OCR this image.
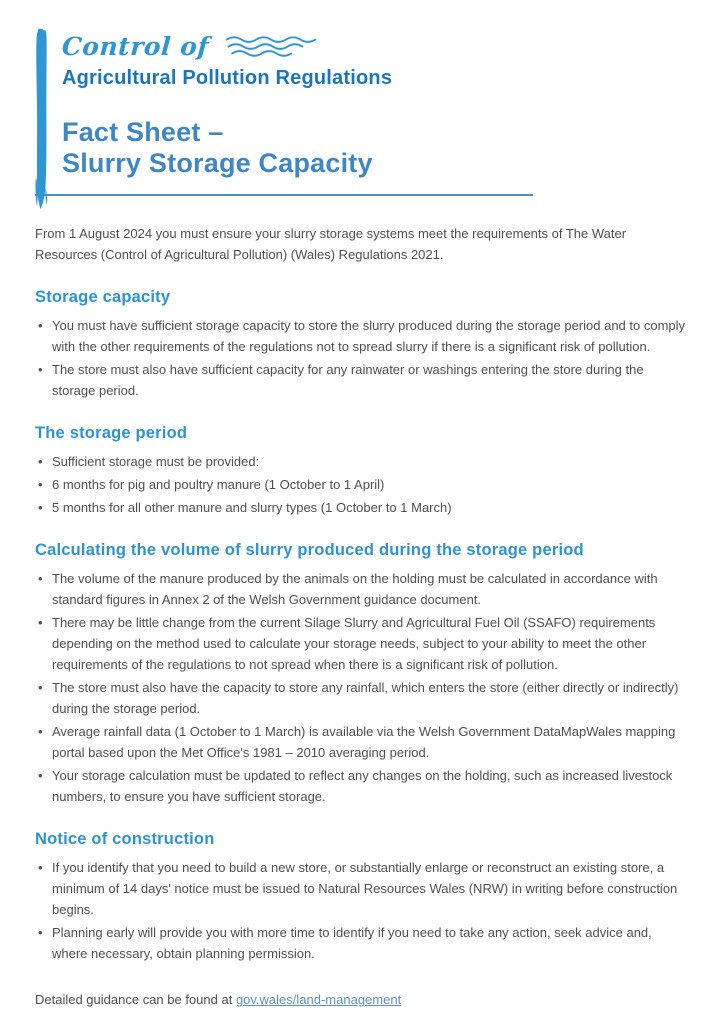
Control of
Agricultural Pollution Regulations
Fact Sheet –
Slurry Storage Capacity

From 1 August 2024 you must ensure your slurry storage systems meet the requirements of The Water Resources (Control of Agricultural Pollution) (Wales) Regulations 2021.

Storage capacity
• You must have sufficient storage capacity to store the slurry produced during the storage period and to comply with the other requirements of the regulations not to spread slurry if there is a significant risk of pollution.
• The store must also have sufficient capacity for any rainwater or washings entering the store during the storage period.
The storage period
• Sufficient storage must be provided:
• 6 months for pig and poultry manure (1 October to 1 April)
• 5 months for all other manure and slurry types (1 October to 1 March)
Calculating the volume of slurry produced during the storage period
• The volume of the manure produced by the animals on the holding must be calculated in accordance with standard figures in Annex 2 of the Welsh Government guidance document.
• There may be little change from the current Silage Slurry and Agricultural Fuel Oil (SSAFO) requirements depending on the method used to calculate your storage needs, subject to your ability to meet the other requirements of the regulations to not spread when there is a significant risk of pollution.
• The store must also have the capacity to store any rainfall, which enters the store (either directly or indirectly) during the storage period.
• Average rainfall data (1 October to 1 March) is available via the Welsh Government DataMapWales mapping portal based upon the Met Office's 1981 – 2010 averaging period.
• Your storage calculation must be updated to reflect any changes on the holding, such as increased livestock numbers, to ensure you have sufficient storage.
Notice of construction
• If you identify that you need to build a new store, or substantially enlarge or reconstruct an existing store, a minimum of 14 days' notice must be issued to Natural Resources Wales (NRW) in writing before construction begins.
• Planning early will provide you with more time to identify if you need to take any action, seek advice and, where necessary, obtain planning permission.

Detailed guidance can be found at gov.wales/land-management
